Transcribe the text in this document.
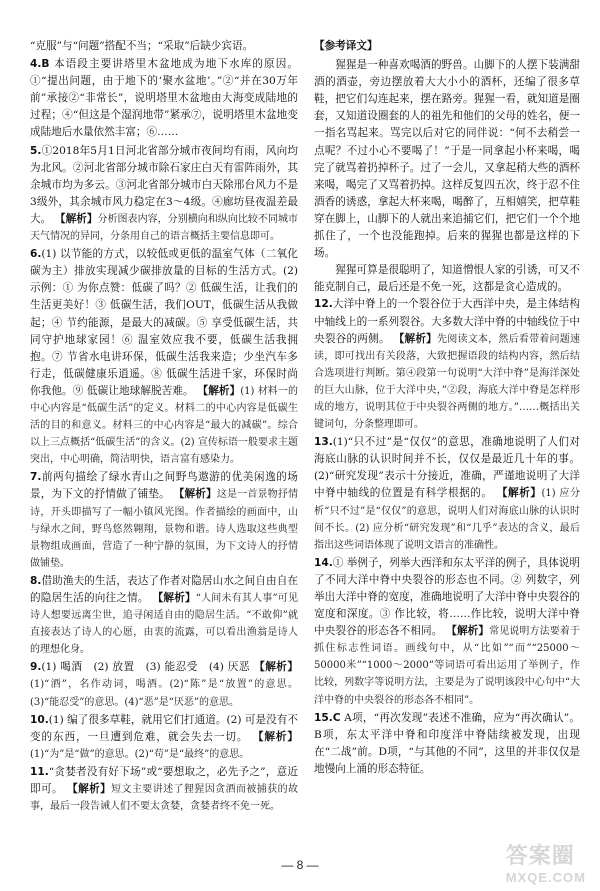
“克服”与“问题”搭配不当；“采取”后缺少宾语。

4.B 本语段主要讲塔里木盆地成为地下水库的原因。①“提出问题，由于地下的‘聚水盆地’。”②“并在30万年前”承接②“非常长”，说明塔里木盆地由大海变成陆地的过程；④“但这是个湿润地带”紧承⑦，说明塔里木盆地变成陆地后水量依然丰富；⑥……

5.①2018年5月1日河北省部分城市夜间均有雨，风向均为北风。②河北省部分城市除石家庄白天有雷阵雨外，其余城市均为多云。③河北省部分城市白天除邢台风力不是3级外，其余城市风力稳定在3～4级。④廊坊昼夜温差最大。 【解析】分析图表内容，分别横向和纵向比较不同城市天气情况的异同，分条用自己的语言概括主要信息即可。

6.(1) 以节能的方式，以较低或更低的温室气体（二氧化碳为主）排放实现减少碳排放量的目标的生活方式。(2) 示例：① 为你点赞：低碳了吗？② 低碳生活，让我们的生活更美好！③ 低碳生活，我们OUT，低碳生活从我做起；④ 节约能源，是最大的减碳。⑤ 享受低碳生活，共同守护地球家园！⑥ 温室效应我不要，低碳生活我拥抱。⑦ 节省水电讲环保，低碳生活我来造；少坐汽车多行走，低碳健康乐逍遥。⑧ 低碳生活进千家，环保时尚你我他。⑨ 低碳让地球解脱苦难。 【解析】(1) 材料一的中心内容是“低碳生活”的定义。材料二的中心内容是低碳生活的目的和意义。材料三的中心内容是“最大的减碳”。综合以上三点概括“低碳生活”的含义。(2) 宣传标语一般要求主题突出，中心明确，简洁明快，语言富有感染力。

7.前两句描绘了绿水青山之间野鸟遨游的优美闲逸的场景，为下文的抒情做了铺垫。 【解析】这是一首景物抒情诗，开头即描写了一幅小镇风光图。作者描绘的画面中，山与绿水之间，野鸟悠然翱翔，景物和谐。诗人选取这些典型景物组成画面，营造了一种宁静的氛围，为下文诗人的抒情做铺垫。

8.借助渔夫的生活，表达了作者对隐居山水之间自由自在的隐居生活的向往之情。 【解析】“人间未有其人事”可见诗人想要远离尘世，追寻闲适自由的隐居生活。“不敢仰”就直接表达了诗人的心愿，由衷的流露，可以看出渔翁是诗人的理想化身。

9.(1) 喝酒　(2) 放置　(3) 能忍受　(4) 厌恶 【解析】(1)“酒”，名作动词，喝酒。(2)“陈”是“放置”的意思。(3)“能忍受”的意思。(4)“恶”是“厌恶”的意思。

10.(1) 编了很多草鞋，就用它们打通道。(2) 可是没有不变的东西，一旦遭到危难，就会失去一切。 【解析】(1)“为”是“做”的意思。(2)“苟”是“最终”的意思。

11.“贪婪者没有好下场”或“要想取之，必先予之”，意近即可。 【解析】短文主要讲述了狸猩因贪酒而被捕获的故事，最后一段告诫人们不要太贪婪，贪婪者终不免一死。

【参考译文】

猩猩是一种喜欢喝酒的野兽。山脚下的人摆下装满甜酒的酒壶，旁边摆放着大大小小的酒杯，还编了很多草鞋，把它们勾连起来，摆在路旁。猩猩一看，就知道是圈套，又知道设圈套的人的祖先和他们的父母的姓名，便一一指名骂起来。骂完以后对它的同伴说：“何不去稍尝一点呢？不过小心不要喝了！”于是一同拿起小杯来喝，喝完了就骂着扔掉杯子。过了一会儿，又拿起稍大些的酒杯来喝，喝完了又骂着扔掉。这样反复四五次，终于忍不住酒香的诱惑，拿起大杯来喝，喝醉了，互相嬉笑，把草鞋穿在脚上，山脚下的人就出来追捕它们，把它们一个个地抓住了，一个也没能跑掉。后来的猩猩也都是这样的下场。

猩猩可算是很聪明了，知道憎恨人家的引诱，可又不能克制自己，最后还是不免一死，这都是贪心造成的。

12.大洋中脊上的一个裂谷位于大西洋中央，是主体结构中轴线上的一系列裂谷。大多数大洋中脊的中轴线位于中央裂谷的两侧。 【解析】先阅读文本，然后看带着问题速读，即可找出有关段落，大致把握语段的结构内容，然后结合选项进行判断。第④段第一句说明“大洋中脊”是海洋深处的巨大山脉，位于大洋中央，”②段，海底大洋中脊是怎样形成的地方，说明其位于中央裂谷两侧的地方。”……概括出关键词句，分条整理即可。

13.(1)“只不过”是“仅仅”的意思，准确地说明了人们对海底山脉的认识时间并不长，仅仅是最近几十年的事。(2)“研究发现”表示十分接近，准确，严谨地说明了大洋中脊中轴线的位置是有科学根据的。 【解析】(1) 应分析“只不过”是“仅仅”的意思，说明人们对海底山脉的认识时间不长。(2) 应分析“研究发现”和“几乎”表达的含义，最后指出这些词语体现了说明文语言的准确性。

14.① 举例子，列举大西洋和东太平洋的例子，具体说明了不同大洋中脊中央裂谷的形态也不同。② 列数字，列举出大洋中脊的宽度，准确地说明了大洋中脊中央裂谷的宽度和深度。③ 作比较，将……作比较，说明大洋中脊中央裂谷的形态各不相同。 【解析】常见说明方法要着于抓住标志性词语。画线句中，从“比如”“而”“25000～50000米”“1000～2000”等词语可看出运用了举例子，作比较，列数字等说明方法，主要是为了说明该段中心句中“大洋中脊的中央裂谷的形态各不相同”。

15.C A项，“再次发现”表述不准确，应为“再次确认”。B项，东太平洋中脊和印度洋中脊陆续被发现，出现在“二战”前。D项，“与其他的不同”，这里的并非仅仅是地慢向上涌的形态特征。

— 8 —	答案圈
MXQE.COM
